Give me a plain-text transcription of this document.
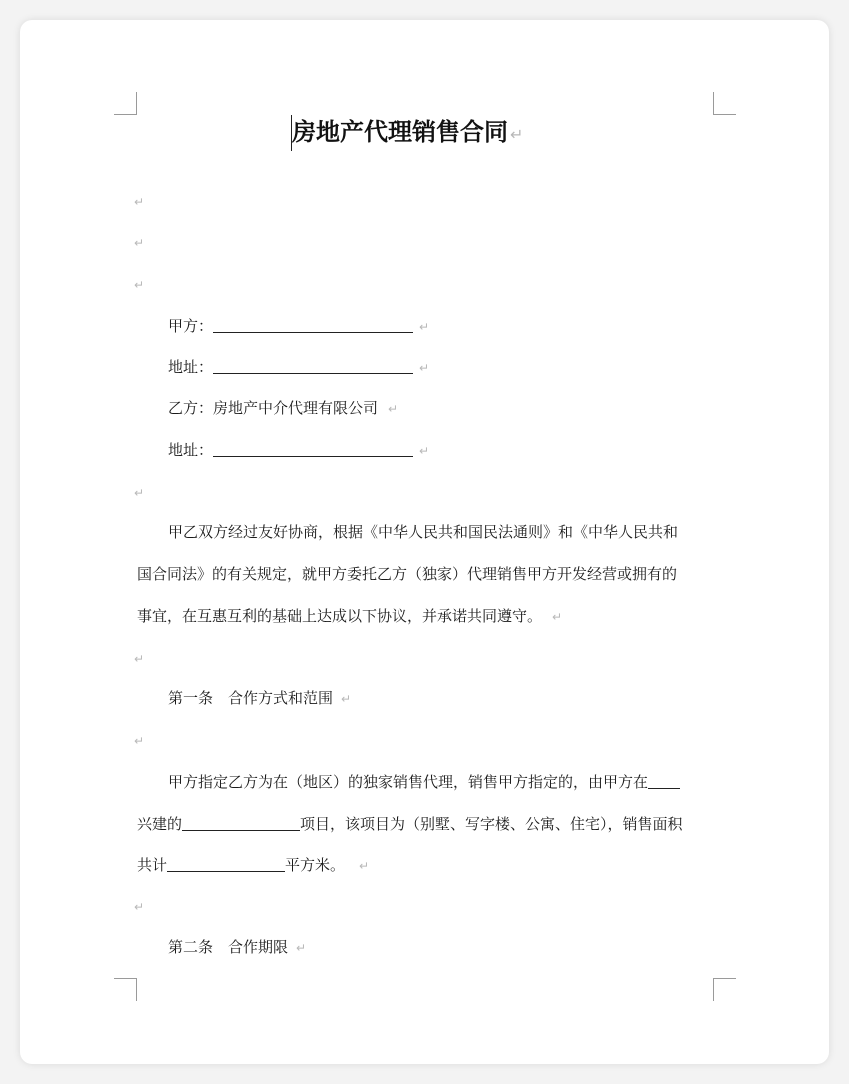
房地产代理销售合同 ↵
↵
↵
↵
甲方：	↵
地址：	↵
乙方：房地产中介代理有限公司 ↵
地址：	↵
↵
甲乙双方经过友好协商，根据《中华人民共和国民法通则》和《中华人民共和
国合同法》的有关规定，就甲方委托乙方（独家）代理销售甲方开发经营或拥有的
事宜，在互惠互利的基础上达成以下协议，并承诺共同遵守。 ↵
↵
第一条　合作方式和范围 ↵
↵
甲方指定乙方为在（地区）的独家销售代理，销售甲方指定的，由甲方在
兴建的	项目，该项目为（别墅、写字楼、公寓、住宅），销售面积
共计	平方米。 ↵
↵
第二条　合作期限 ↵
